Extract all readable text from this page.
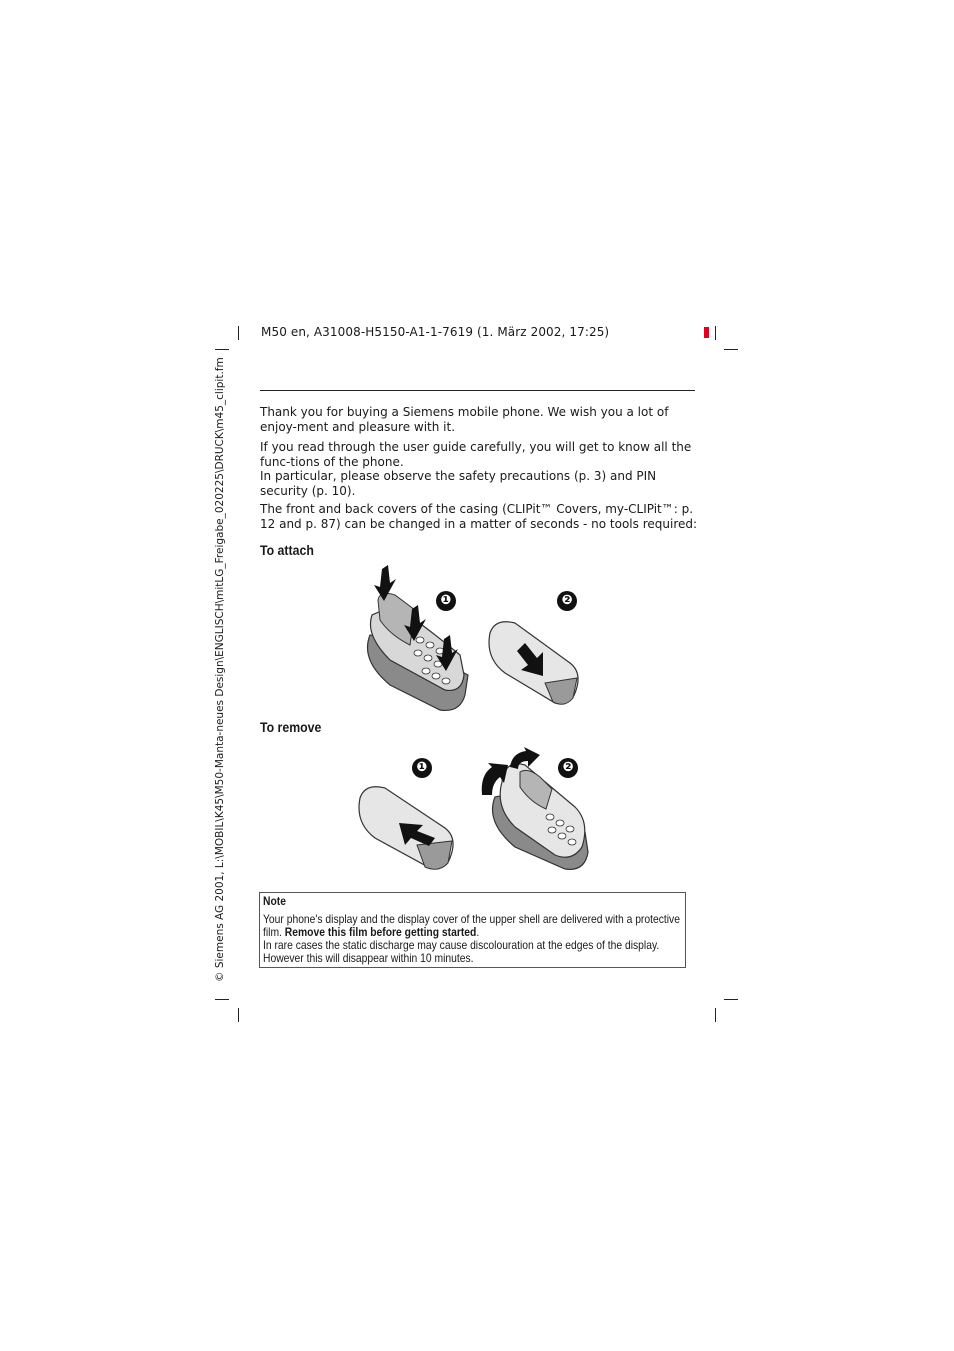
M50 en, A31008-H5150-A1-1-7619 (1. März 2002, 17:25)
© Siemens AG 2001, L:\MOBIL\K45\M50-Manta-neues Design\ENGLISCH\mitLG_Freigabe_020225\DRUCK\m45_clipit.fm	Thank you for buying a Siemens mobile phone. We wish you a lot of enjoy-ment and pleasure with it.

If you read through the user guide carefully, you will get to know all the func-tions of the phone.

In particular, please observe the safety precautions (p. 3) and PIN security (p. 10).

The front and back covers of the casing (CLIPit™ Covers, my-CLIPit™: p. 12 and p. 87) can be changed in a matter of seconds - no tools required:

To attach
❶	❷
To remove
❶	❷
Note
Your phone's display and the display cover of the upper shell are delivered with a protective film. Remove this film before getting started.
In rare cases the static discharge may cause discolouration at the edges of the display.
However this will disappear within 10 minutes.
